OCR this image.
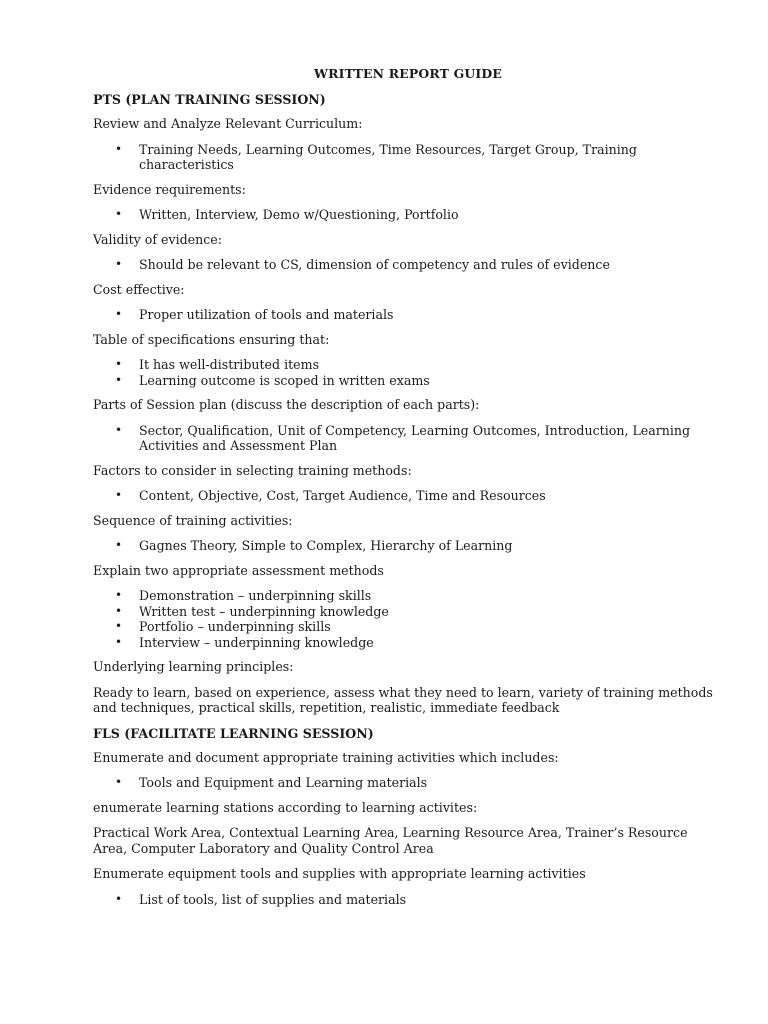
WRITTEN REPORT GUIDE
PTS (PLAN TRAINING SESSION)
Review and Analyze Relevant Curriculum:
• Training Needs, Learning Outcomes, Time Resources, Target Group, Training characteristics
Evidence requirements:
• Written, Interview, Demo w/Questioning, Portfolio
Validity of evidence:
• Should be relevant to CS, dimension of competency and rules of evidence
Cost effective:
• Proper utilization of tools and materials
Table of specifications ensuring that:
• It has well-distributed items
• Learning outcome is scoped in written exams
Parts of Session plan (discuss the description of each parts):
• Sector, Qualification, Unit of Competency, Learning Outcomes, Introduction, Learning Activities and Assessment Plan
Factors to consider in selecting training methods:
• Content, Objective, Cost, Target Audience, Time and Resources
Sequence of training activities:
• Gagnes Theory, Simple to Complex, Hierarchy of Learning
Explain two appropriate assessment methods
• Demonstration – underpinning skills
• Written test – underpinning knowledge
• Portfolio – underpinning skills
• Interview – underpinning knowledge
Underlying learning principles:
Ready to learn, based on experience, assess what they need to learn, variety of training methods and techniques, practical skills, repetition, realistic, immediate feedback
FLS (FACILITATE LEARNING SESSION)
Enumerate and document appropriate training activities which includes:
• Tools and Equipment and Learning materials
enumerate learning stations according to learning activites:
Practical Work Area, Contextual Learning Area, Learning Resource Area, Trainer’s Resource Area, Computer Laboratory and Quality Control Area
Enumerate equipment tools and supplies with appropriate learning activities
• List of tools, list of supplies and materials
